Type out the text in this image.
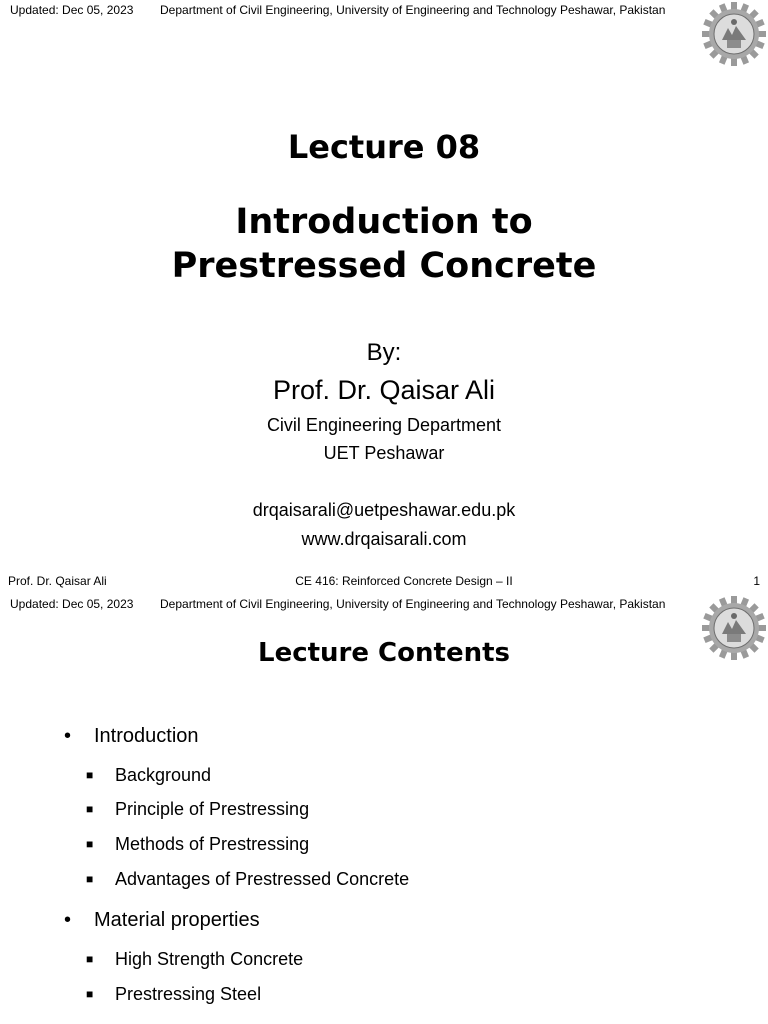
Updated: Dec 05, 2023 Department of Civil Engineering, University of Engineering and Technology Peshawar, Pakistan
Lecture 08
Introduction to
Prestressed Concrete
By:
Prof. Dr. Qaisar Ali
Civil Engineering Department
UET Peshawar
drqaisarali@uetpeshawar.edu.pk
www.drqaisarali.com
Prof. Dr. Qaisar Ali	CE 416: Reinforced Concrete Design – II	1
Updated: Dec 05, 2023 Department of Civil Engineering, University of Engineering and Technology Peshawar, Pakistan
Lecture Contents
• Introduction
■ Background
■ Principle of Prestressing
■ Methods of Prestressing
■ Advantages of Prestressed Concrete
• Material properties
■ High Strength Concrete
■ Prestressing Steel
